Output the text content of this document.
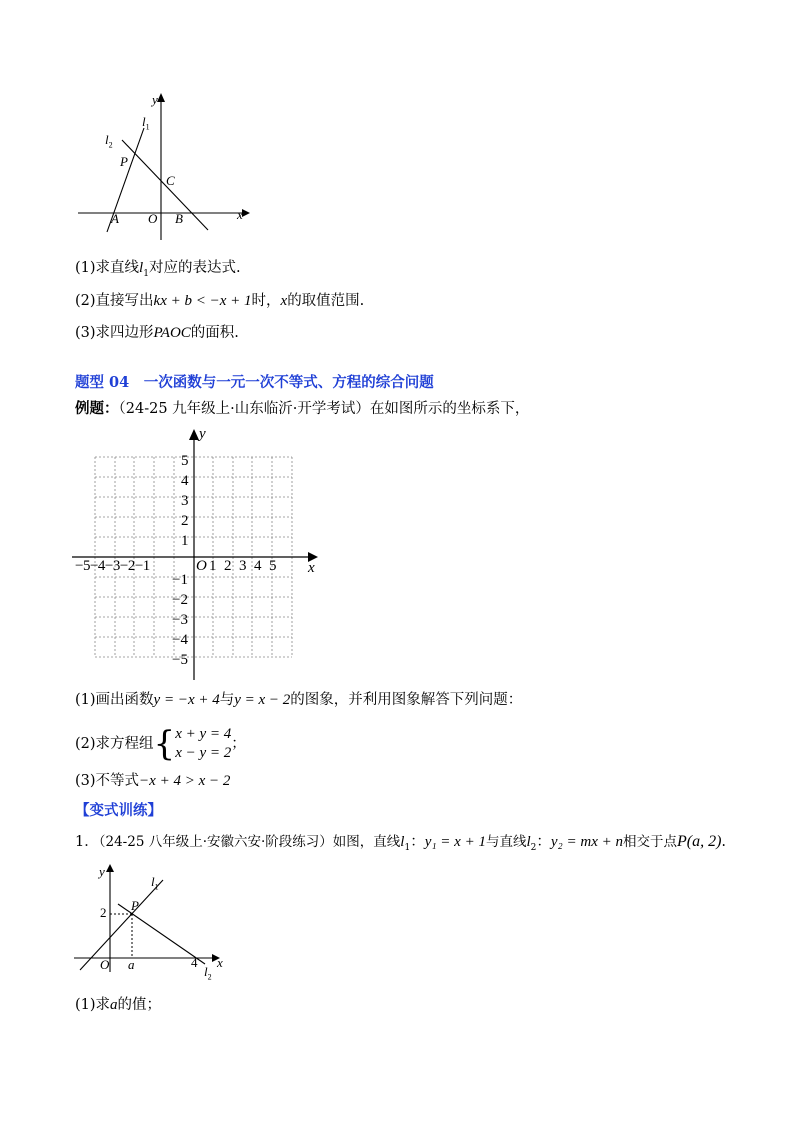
y
$l_1$
$l_2$
P
C
A O B	x
(1)求直线$l_1$对应的表达式.
(2)直接写出kx + b < −x + 1时，x的取值范围.
(3)求四边形PAOC的面积.
题型 04　一次函数与一元一次不等式、方程的综合问题
例题：（24-25 九年级上·山东临沂·开学考试）在如图所示的坐标系下，
y
5
4
3
2
1
−5−4−3−2−1	O 1  2  3  4  5 x
−1
−2
−3
−4
−5
(1)画出函数y = −x + 4与y = x − 2的图象，并利用图象解答下列问题：
(2)求方程组{ x + y = 4
x − y = 2
；
(3)不等式−x + 4 > x − 2
【变式训练】
1．（24-25 八年级上·安徽六安·阶段练习）如图，直线$l_1$：y₁ = x + 1与直线$l_2$：y₂ = mx + n相交于点P(a, 2).
y
$l_1$
P
2
O a	4 x
$l_2$
(1)求a的值；
